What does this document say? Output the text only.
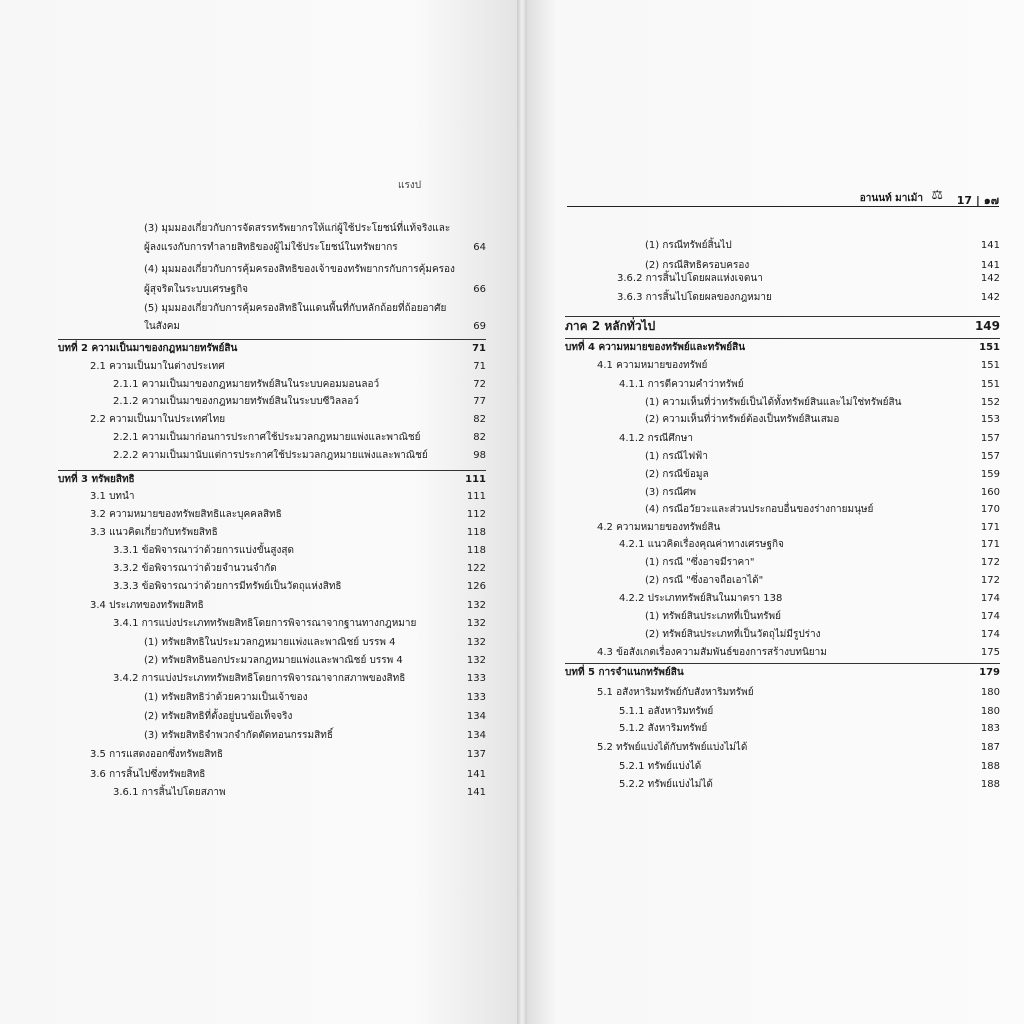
แรงป
(3) มุมมองเกี่ยวกับการจัดสรรทรัพยากรให้แก่ผู้ใช้ประโยชน์ที่แท้จริงและ
ผู้ลงแรงกับการทำลายสิทธิของผู้ไม่ใช้ประโยชน์ในทรัพยากร	64
(4) มุมมองเกี่ยวกับการคุ้มครองสิทธิของเจ้าของทรัพยากรกับการคุ้มครอง
ผู้สุจริตในระบบเศรษฐกิจ	66
(5) มุมมองเกี่ยวกับการคุ้มครองสิทธิในแดนพื้นที่กับหลักถ้อยที่ถ้อยอาศัย
ในสังคม	69
บทที่ 2 ความเป็นมาของกฎหมายทรัพย์สิน	71
2.1 ความเป็นมาในต่างประเทศ	71
2.1.1 ความเป็นมาของกฎหมายทรัพย์สินในระบบคอมมอนลอว์	72
2.1.2 ความเป็นมาของกฎหมายทรัพย์สินในระบบซีวิลลอว์	77
2.2 ความเป็นมาในประเทศไทย	82
2.2.1 ความเป็นมาก่อนการประกาศใช้ประมวลกฎหมายแพ่งและพาณิชย์	82
2.2.2 ความเป็นมานับแต่การประกาศใช้ประมวลกฎหมายแพ่งและพาณิชย์	98
บทที่ 3 ทรัพยสิทธิ	111
3.1 บทนำ	111
3.2 ความหมายของทรัพยสิทธิและบุคคลสิทธิ	112
3.3 แนวคิดเกี่ยวกับทรัพยสิทธิ	118
3.3.1 ข้อพิจารณาว่าด้วยการแบ่งขั้นสูงสุด	118
3.3.2 ข้อพิจารณาว่าด้วยจำนวนจำกัด	122
3.3.3 ข้อพิจารณาว่าด้วยการมีทรัพย์เป็นวัตถุแห่งสิทธิ	126
3.4 ประเภทของทรัพยสิทธิ	132
3.4.1 การแบ่งประเภททรัพยสิทธิโดยการพิจารณาจากฐานทางกฎหมาย	132
(1) ทรัพยสิทธิในประมวลกฎหมายแพ่งและพาณิชย์ บรรพ 4	132
(2) ทรัพยสิทธินอกประมวลกฎหมายแพ่งและพาณิชย์ บรรพ 4	132
3.4.2 การแบ่งประเภททรัพยสิทธิโดยการพิจารณาจากสภาพของสิทธิ	133
(1) ทรัพยสิทธิว่าด้วยความเป็นเจ้าของ	133
(2) ทรัพยสิทธิที่ตั้งอยู่บนข้อเท็จจริง	134
(3) ทรัพยสิทธิจำพวกจำกัดตัดทอนกรรมสิทธิ์	134
3.5 การแสดงออกซึ่งทรัพยสิทธิ	137
3.6 การสิ้นไปซึ่งทรัพยสิทธิ	141
3.6.1 การสิ้นไปโดยสภาพ	141
อานนท์ มาเม้า ⚖ 17 | ๑๗
(1) กรณีทรัพย์สิ้นไป	141
(2) กรณีสิทธิครอบครอง	141
3.6.2 การสิ้นไปโดยผลแห่งเจตนา	142
3.6.3 การสิ้นไปโดยผลของกฎหมาย	142
ภาค 2 หลักทั่วไป	149
บทที่ 4 ความหมายของทรัพย์และทรัพย์สิน	151
4.1 ความหมายของทรัพย์	151
4.1.1 การตีความคำว่าทรัพย์	151
(1) ความเห็นที่ว่าทรัพย์เป็นได้ทั้งทรัพย์สินและไม่ใช่ทรัพย์สิน	152
(2) ความเห็นที่ว่าทรัพย์ต้องเป็นทรัพย์สินเสมอ	153
4.1.2 กรณีศึกษา	157
(1) กรณีไฟฟ้า	157
(2) กรณีข้อมูล	159
(3) กรณีศพ	160
(4) กรณีอวัยวะและส่วนประกอบอื่นของร่างกายมนุษย์	170
4.2 ความหมายของทรัพย์สิน	171
4.2.1 แนวคิดเรื่องคุณค่าทางเศรษฐกิจ	171
(1) กรณี "ซึ่งอาจมีราคา"	172
(2) กรณี "ซึ่งอาจถือเอาได้"	172
4.2.2 ประเภททรัพย์สินในมาตรา 138	174
(1) ทรัพย์สินประเภทที่เป็นทรัพย์	174
(2) ทรัพย์สินประเภทที่เป็นวัตถุไม่มีรูปร่าง	174
4.3 ข้อสังเกตเรื่องความสัมพันธ์ของการสร้างบทนิยาม	175
บทที่ 5 การจำแนกทรัพย์สิน	179
5.1 อสังหาริมทรัพย์กับสังหาริมทรัพย์	180
5.1.1 อสังหาริมทรัพย์	180
5.1.2 สังหาริมทรัพย์	183
5.2 ทรัพย์แบ่งได้กับทรัพย์แบ่งไม่ได้	187
5.2.1 ทรัพย์แบ่งได้	188
5.2.2 ทรัพย์แบ่งไม่ได้	188
